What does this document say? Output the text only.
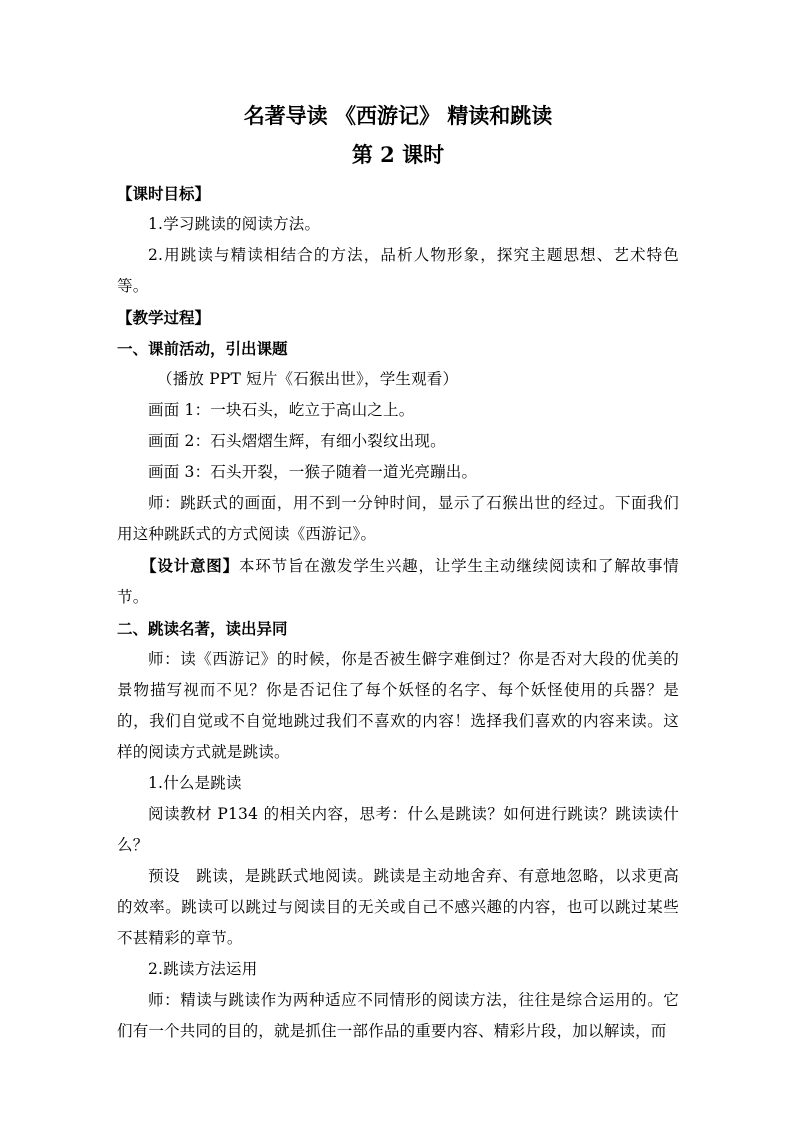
名著导读 《西游记》 精读和跳读

第 2 课时

【课时目标】

1.学习跳读的阅读方法。

2.用跳读与精读相结合的方法，品析人物形象，探究主题思想、艺术特色等。

【教学过程】

一、课前活动，引出课题

（播放 PPT 短片《石猴出世》，学生观看）

画面 1：一块石头，屹立于高山之上。

画面 2：石头熠熠生辉，有细小裂纹出现。

画面 3：石头开裂，一猴子随着一道光亮蹦出。

师：跳跃式的画面，用不到一分钟时间，显示了石猴出世的经过。下面我们用这种跳跃式的方式阅读《西游记》。

【设计意图】本环节旨在激发学生兴趣，让学生主动继续阅读和了解故事情节。

二、跳读名著，读出异同

师：读《西游记》的时候，你是否被生僻字难倒过？你是否对大段的优美的景物描写视而不见？你是否记住了每个妖怪的名字、每个妖怪使用的兵器？是的，我们自觉或不自觉地跳过我们不喜欢的内容！选择我们喜欢的内容来读。这样的阅读方式就是跳读。

1.什么是跳读

阅读教材 P134 的相关内容，思考：什么是跳读？如何进行跳读？跳读读什么？

预设　跳读，是跳跃式地阅读。跳读是主动地舍弃、有意地忽略，以求更高的效率。跳读可以跳过与阅读目的无关或自己不感兴趣的内容，也可以跳过某些不甚精彩的章节。

2.跳读方法运用

师：精读与跳读作为两种适应不同情形的阅读方法，往往是综合运用的。它们有一个共同的目的，就是抓住一部作品的重要内容、精彩片段，加以解读，而
